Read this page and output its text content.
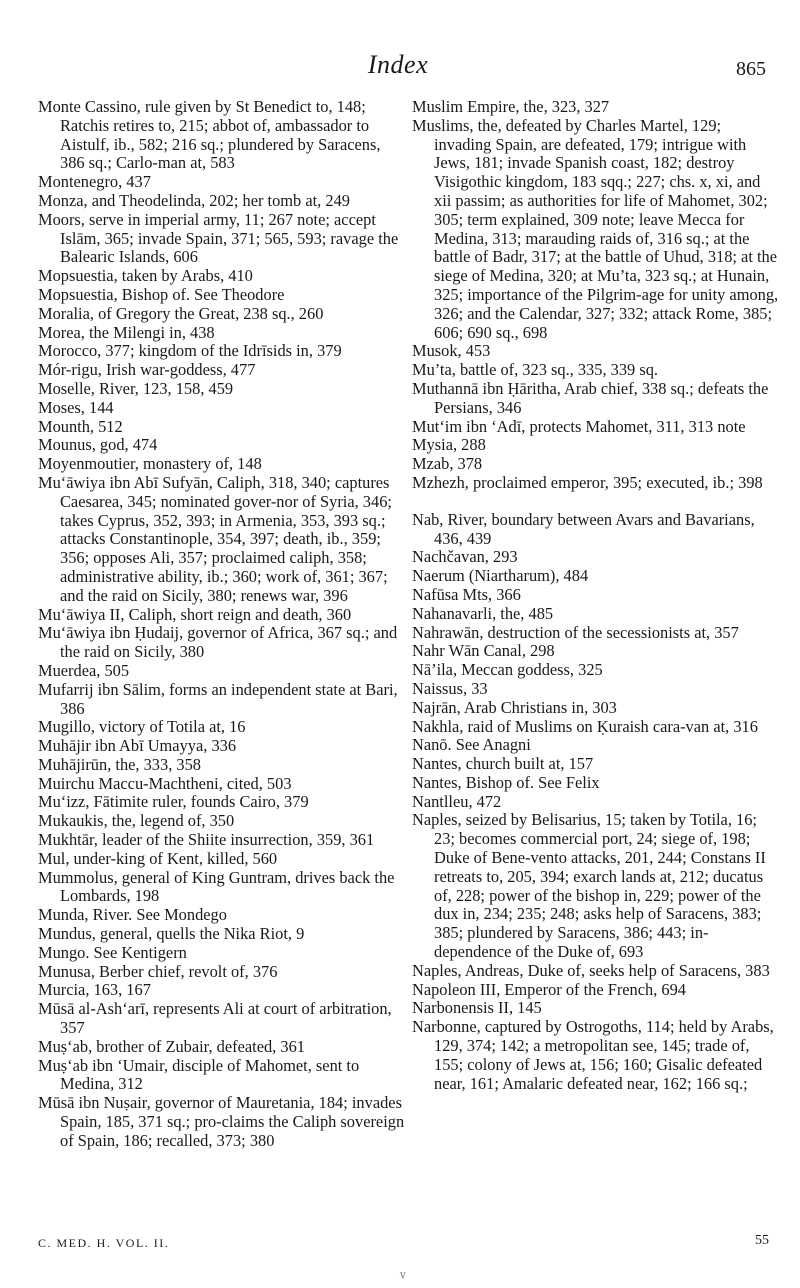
Index	865

Monte Cassino, rule given by St Benedict to, 148; Ratchis retires to, 215; abbot of, ambassador to Aistulf, ib., 582; 216 sq.; plundered by Saracens, 386 sq.; Carlo-man at, 583

Montenegro, 437

Monza, and Theodelinda, 202; her tomb at, 249

Moors, serve in imperial army, 11; 267 note; accept Islām, 365; invade Spain, 371; 565, 593; ravage the Balearic Islands, 606

Mopsuestia, taken by Arabs, 410

Mopsuestia, Bishop of. See Theodore

Moralia, of Gregory the Great, 238 sq., 260

Morea, the Milengi in, 438

Morocco, 377; kingdom of the Idrīsids in, 379

Mór-rigu, Irish war-goddess, 477

Moselle, River, 123, 158, 459

Moses, 144

Mounth, 512

Mounus, god, 474

Moyenmoutier, monastery of, 148

Mu‘āwiya ibn Abī Sufyān, Caliph, 318, 340; captures Caesarea, 345; nominated gover-nor of Syria, 346; takes Cyprus, 352, 393; in Armenia, 353, 393 sq.; attacks Constantinople, 354, 397; death, ib., 359; 356; opposes Ali, 357; proclaimed caliph, 358; administrative ability, ib.; 360; work of, 361; 367; and the raid on Sicily, 380; renews war, 396

Mu‘āwiya II, Caliph, short reign and death, 360

Mu‘āwiya ibn Ḥudaij, governor of Africa, 367 sq.; and the raid on Sicily, 380

Muerdea, 505

Mufarrij ibn Sālim, forms an independent state at Bari, 386

Mugillo, victory of Totila at, 16

Muhājir ibn Abī Umayya, 336

Muhājirūn, the, 333, 358

Muirchu Maccu-Machtheni, cited, 503

Mu‘izz, Fātimite ruler, founds Cairo, 379

Mukaukis, the, legend of, 350

Mukhtār, leader of the Shiite insurrection, 359, 361

Mul, under-king of Kent, killed, 560

Mummolus, general of King Guntram, drives back the Lombards, 198

Munda, River. See Mondego

Mundus, general, quells the Nika Riot, 9

Mungo. See Kentigern

Munusa, Berber chief, revolt of, 376

Murcia, 163, 167

Mūsā al-Ash‘arī, represents Ali at court of arbitration, 357

Muṣ‘ab, brother of Zubair, defeated, 361

Muṣ‘ab ibn ‘Umair, disciple of Mahomet, sent to Medina, 312

Mūsā ibn Nuṣair, governor of Mauretania, 184; invades Spain, 185, 371 sq.; pro-claims the Caliph sovereign of Spain, 186; recalled, 373; 380

Muslim Empire, the, 323, 327

Muslims, the, defeated by Charles Martel, 129; invading Spain, are defeated, 179; intrigue with Jews, 181; invade Spanish coast, 182; destroy Visigothic kingdom, 183 sqq.; 227; chs. x, xi, and xii passim; as authorities for life of Mahomet, 302; 305; term explained, 309 note; leave Mecca for Medina, 313; marauding raids of, 316 sq.; at the battle of Badr, 317; at the battle of Uhud, 318; at the siege of Medina, 320; at Mu’ta, 323 sq.; at Hunain, 325; importance of the Pilgrim-age for unity among, 326; and the Calendar, 327; 332; attack Rome, 385; 606; 690 sq., 698

Musok, 453

Mu’ta, battle of, 323 sq., 335, 339 sq.

Muthannā ibn Ḥāritha, Arab chief, 338 sq.; defeats the Persians, 346

Mut‘im ibn ‘Adī, protects Mahomet, 311, 313 note

Mysia, 288

Mzab, 378

Mzhezh, proclaimed emperor, 395; executed, ib.; 398

Nab, River, boundary between Avars and Bavarians, 436, 439

Nachčavan, 293

Naerum (Niartharum), 484

Nafūsa Mts, 366

Nahanavarli, the, 485

Nahrawān, destruction of the secessionists at, 357

Nahr Wān Canal, 298

Nā’ila, Meccan goddess, 325

Naissus, 33

Najrān, Arab Christians in, 303

Nakhla, raid of Muslims on Ḳuraish cara-van at, 316

Nanō. See Anagni

Nantes, church built at, 157

Nantes, Bishop of. See Felix

Nantlleu, 472

Naples, seized by Belisarius, 15; taken by Totila, 16; 23; becomes commercial port, 24; siege of, 198; Duke of Bene-vento attacks, 201, 244; Constans II retreats to, 205, 394; exarch lands at, 212; ducatus of, 228; power of the bishop in, 229; power of the dux in, 234; 235; 248; asks help of Saracens, 383; 385; plundered by Saracens, 386; 443; in-dependence of the Duke of, 693

Naples, Andreas, Duke of, seeks help of Saracens, 383

Napoleon III, Emperor of the French, 694

Narbonensis II, 145

Narbonne, captured by Ostrogoths, 114; held by Arabs, 129, 374; 142; a metropolitan see, 145; trade of, 155; colony of Jews at, 156; 160; Gisalic defeated near, 161; Amalaric defeated near, 162; 166 sq.;

C. MED. H. VOL. II.	55
v
